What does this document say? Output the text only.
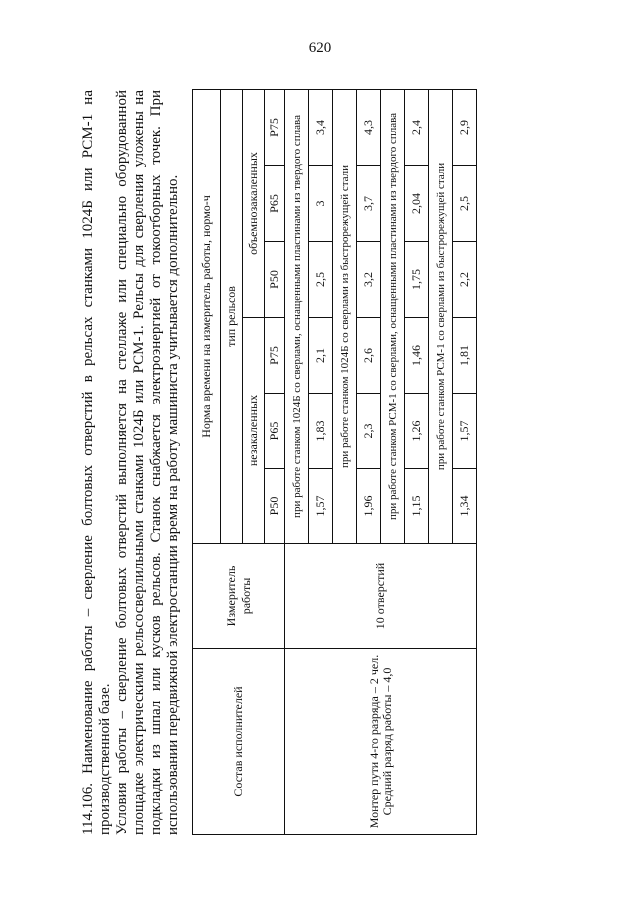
620

114.106. Наименование работы – сверление болтовых отверстий в рельсах станками 1024Б или РСМ-1 на производственной базе. Условия работы – сверление болтовых отверстий выполняется на стеллаже или специально оборудованной площадке электрическими рельсосверлильными станками 1024Б или РСМ-1. Рельсы для сверления уложены на подкладки из шпал или кусков рельсов. Станок снабжается электроэнергией от токоотборных точек. При использовании передвижной электростанции время на работу машиниста учитывается дополнительно.	Состав исполнителей	Измеритель работы	Норма времени на измеритель работы, нормо-ч					
		тип рельсов					
		незакаленных			объемнозакаленных		
		Р50	Р65	Р75	Р50	Р65	Р75
Монтер пути 4-го разряда – 2 чел. Средний разряд работы – 4,0	10 отверстий	при работе станком 1024Б со сверлами, оснащенными пластинами из твердого сплава					
		1,57	1,83	2,1	2,5	3	3,4
		при работе станком 1024Б со сверлами из быстрорежущей стали					
		1,96	2,3	2,6	3,2	3,7	4,3
		при работе станком РСМ-1 со сверлами, оснащенными пластинами из твердого сплава					
		1,15	1,26	1,46	1,75	2,04	2,4
		при работе станком РСМ-1 со сверлами из быстрорежущей стали					
		1,34	1,57	1,81	2,2	2,5	2,9
